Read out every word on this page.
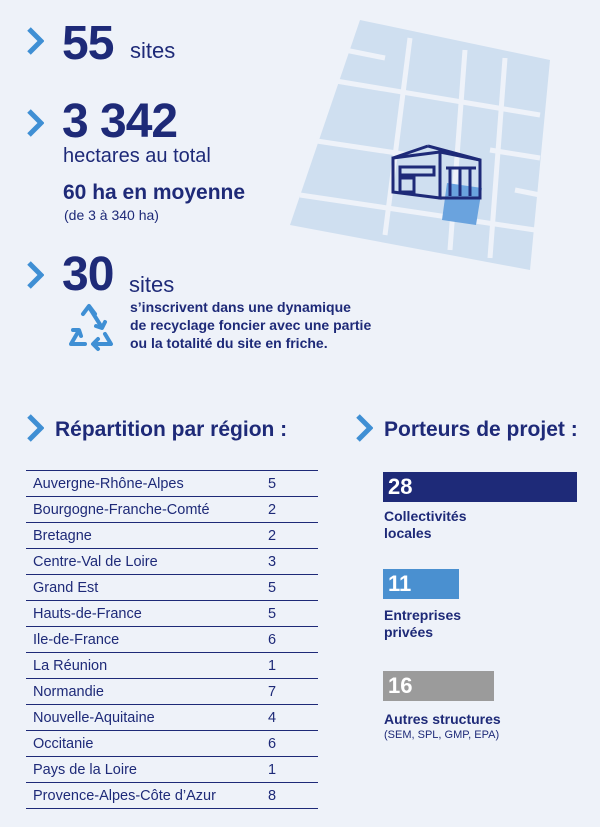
55 sites
3 342
hectares au total
60 ha en moyenne
(de 3 à 340 ha)
30 sites
s’inscrivent dans une dynamique
de recyclage foncier avec une partie
ou la totalité du site en friche.
Répartition par région :
Auvergne-Rhône-Alpes	5
Bourgogne-Franche-Comté	2
Bretagne	2
Centre-Val de Loire	3
Grand Est	5
Hauts-de-France	5
Ile-de-France	6
La Réunion	1
Normandie	7
Nouvelle-Aquitaine	4
Occitanie	6
Pays de la Loire	1
Provence-Alpes-Côte d’Azur	8
Porteurs de projet :
28
Collectivités
locales
11
Entreprises
privées
16
Autres structures
(SEM, SPL, GMP, EPA)
